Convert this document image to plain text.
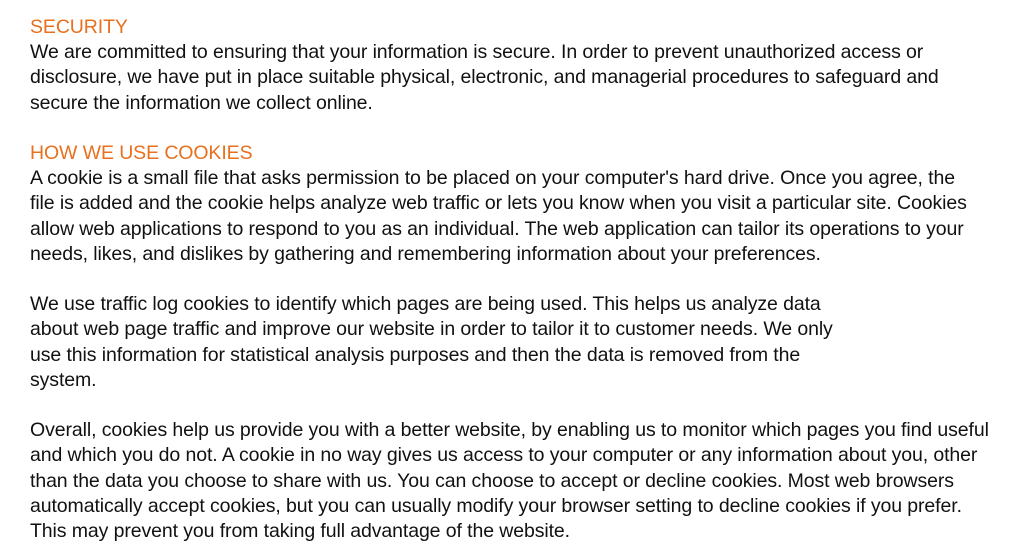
SECURITY

We are committed to ensuring that your information is secure. In order to prevent unauthorized access or disclosure, we have put in place suitable physical, electronic, and managerial procedures to safeguard and secure the information we collect online.

HOW WE USE COOKIES

A cookie is a small file that asks permission to be placed on your computer's hard drive. Once you agree, the file is added and the cookie helps analyze web traffic or lets you know when you visit a particular site. Cookies allow web applications to respond to you as an individual. The web application can tailor its operations to your needs, likes, and dislikes by gathering and remembering information about your preferences.

We use traffic log cookies to identify which pages are being used. This helps us analyze data about web page traffic and improve our website in order to tailor it to customer needs. We only use this information for statistical analysis purposes and then the data is removed from the system.

Overall, cookies help us provide you with a better website, by enabling us to monitor which pages you find useful and which you do not. A cookie in no way gives us access to your computer or any information about you, other than the data you choose to share with us. You can choose to accept or decline cookies. Most web browsers automatically accept cookies, but you can usually modify your browser setting to decline cookies if you prefer. This may prevent you from taking full advantage of the website.
